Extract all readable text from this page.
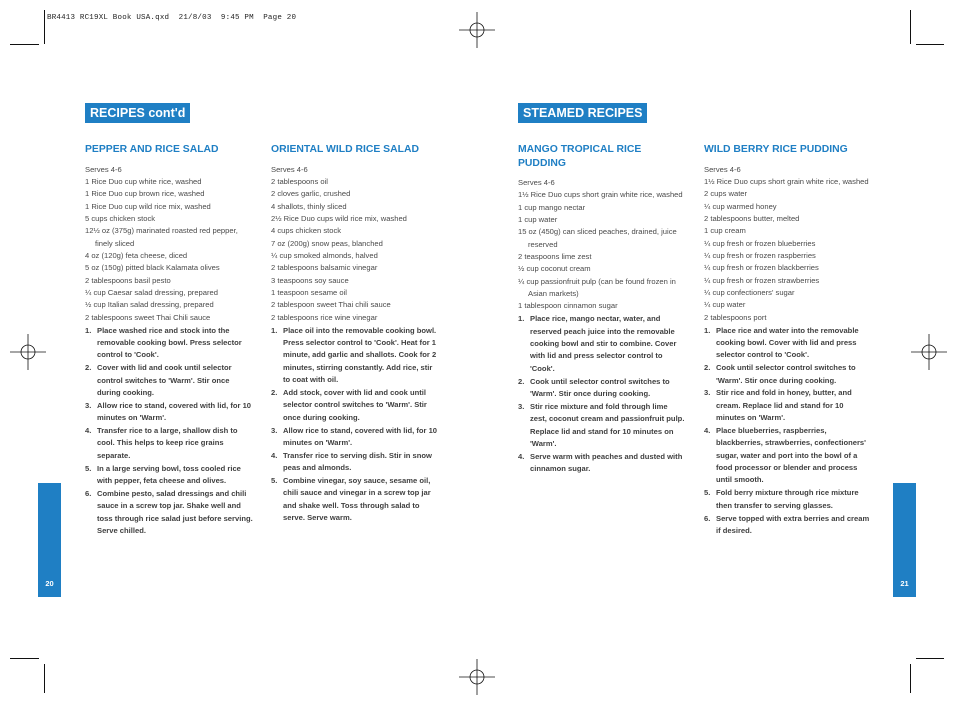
BR4413 RC19XL Book USA.qxd  21/8/03  9:45 PM  Page 20
RECIPES cont'd	STEAMED RECIPES
PEPPER AND RICE SALAD
Serves 4-6
1 Rice Duo cup white rice, washed
1 Rice Duo cup brown rice, washed
1 Rice Duo cup wild rice mix, washed
5 cups chicken stock
12½ oz (375g) marinated roasted red pepper, finely sliced
4 oz (120g) feta cheese, diced
5 oz (150g) pitted black Kalamata olives
2 tablespoons basil pesto
¼ cup Caesar salad dressing, prepared
½ cup Italian salad dressing, prepared
2 tablespoons sweet Thai Chili sauce
1. Place washed rice and stock into the removable cooking bowl. Press selector control to 'Cook'.
2. Cover with lid and cook until selector control switches to 'Warm'. Stir once during cooking.
3. Allow rice to stand, covered with lid, for 10 minutes on 'Warm'.
4. Transfer rice to a large, shallow dish to cool. This helps to keep rice grains separate.
5. In a large serving bowl, toss cooled rice with pepper, feta cheese and olives.
6. Combine pesto, salad dressings and chili sauce in a screw top jar. Shake well and toss through rice salad just before serving. Serve chilled.
ORIENTAL WILD RICE SALAD
Serves 4-6
2 tablespoons oil
2 cloves garlic, crushed
4 shallots, thinly sliced
2½ Rice Duo cups wild rice mix, washed
4 cups chicken stock
7 oz (200g) snow peas, blanched
¼ cup smoked almonds, halved
2 tablespoons balsamic vinegar
3 teaspoons soy sauce
1 teaspoon sesame oil
2 tablespoon sweet Thai chili sauce
2 tablespoons rice wine vinegar
1. Place oil into the removable cooking bowl. Press selector control to 'Cook'. Heat for 1 minute, add garlic and shallots. Cook for 2 minutes, stirring constantly. Add rice, stir to coat with oil.
2. Add stock, cover with lid and cook until selector control switches to 'Warm'. Stir once during cooking.
3. Allow rice to stand, covered with lid, for 10 minutes on 'Warm'.
4. Transfer rice to serving dish. Stir in snow peas and almonds.
5. Combine vinegar, soy sauce, sesame oil, chili sauce and vinegar in a screw top jar and shake well. Toss through salad to serve. Serve warm.
MANGO TROPICAL RICE PUDDING
Serves 4-6
1½ Rice Duo cups short grain white rice, washed
1 cup mango nectar
1 cup water
15 oz (450g) can sliced peaches, drained, juice reserved
2 teaspoons lime zest
½ cup coconut cream
¼ cup passionfruit pulp (can be found frozen in Asian markets)
1 tablespoon cinnamon sugar
1. Place rice, mango nectar, water, and reserved peach juice into the removable cooking bowl and stir to combine. Cover with lid and press selector control to 'Cook'.
2. Cook until selector control switches to 'Warm'. Stir once during cooking.
3. Stir rice mixture and fold through lime zest, coconut cream and passionfruit pulp. Replace lid and stand for 10 minutes on 'Warm'.
4. Serve warm with peaches and dusted with cinnamon sugar.
WILD BERRY RICE PUDDING
Serves 4-6
1½ Rice Duo cups short grain white rice, washed
2 cups water
¼ cup warmed honey
2 tablespoons butter, melted
1 cup cream
¼ cup fresh or frozen blueberries
¼ cup fresh or frozen raspberries
¼ cup fresh or frozen blackberries
¼ cup fresh or frozen strawberries
¼ cup confectioners' sugar
¼ cup water
2 tablespoons port
1. Place rice and water into the removable cooking bowl. Cover with lid and press selector control to 'Cook'.
2. Cook until selector control switches to 'Warm'. Stir once during cooking.
3. Stir rice and fold in honey, butter, and cream. Replace lid and stand for 10 minutes on 'Warm'.
4. Place blueberries, raspberries, blackberries, strawberries, confectioners' sugar, water and port into the bowl of a food processor or blender and process until smooth.
5. Fold berry mixture through rice mixture then transfer to serving glasses.
6. Serve topped with extra berries and cream if desired.
20	21
